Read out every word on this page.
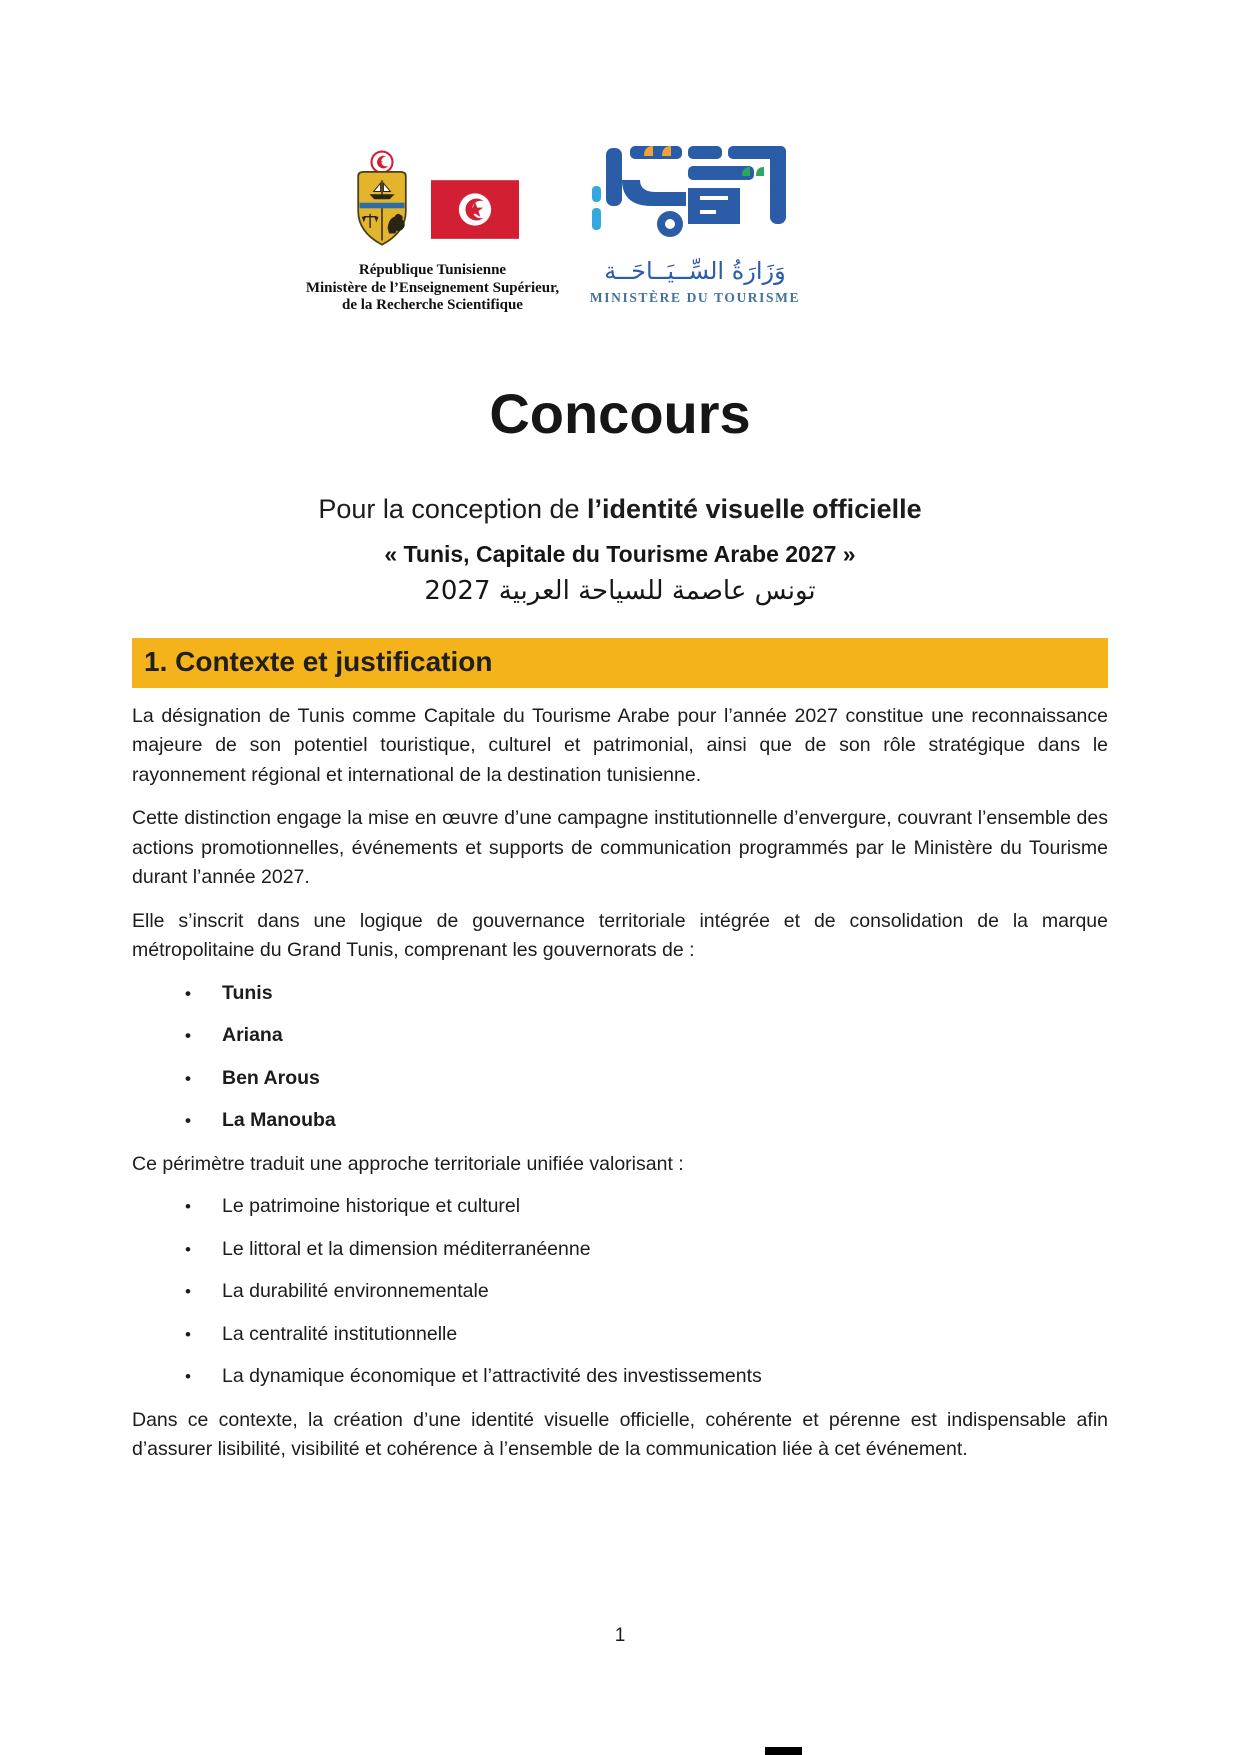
République Tunisienne
Ministère de l’Enseignement Supérieur,
de la Recherche Scientifique
وَزَارَةُ السِّــيَــاحَــة
MINISTÈRE DU TOURISME
Concours

Pour la conception de l’identité visuelle officielle

« Tunis, Capitale du Tourisme Arabe 2027 »

تونس عاصمة للسياحة العربية 2027

1. Contexte et justification

La désignation de Tunis comme Capitale du Tourisme Arabe pour l’année 2027 constitue une reconnaissance majeure de son potentiel touristique, culturel et patrimonial, ainsi que de son rôle stratégique dans le rayonnement régional et international de la destination tunisienne.

Cette distinction engage la mise en œuvre d’une campagne institutionnelle d’envergure, couvrant l’ensemble des actions promotionnelles, événements et supports de communication programmés par le Ministère du Tourisme durant l’année 2027.

Elle s’inscrit dans une logique de gouvernance territoriale intégrée et de consolidation de la marque métropolitaine du Grand Tunis, comprenant les gouvernorats de :

•	Tunis
•	Ariana
•	Ben Arous
•	La Manouba

Ce périmètre traduit une approche territoriale unifiée valorisant :

•	Le patrimoine historique et culturel
•	Le littoral et la dimension méditerranéenne
•	La durabilité environnementale
•	La centralité institutionnelle
•	La dynamique économique et l’attractivité des investissements

Dans ce contexte, la création d’une identité visuelle officielle, cohérente et pérenne est indispensable afin d’assurer lisibilité, visibilité et cohérence à l’ensemble de la communication liée à cet événement.

1
